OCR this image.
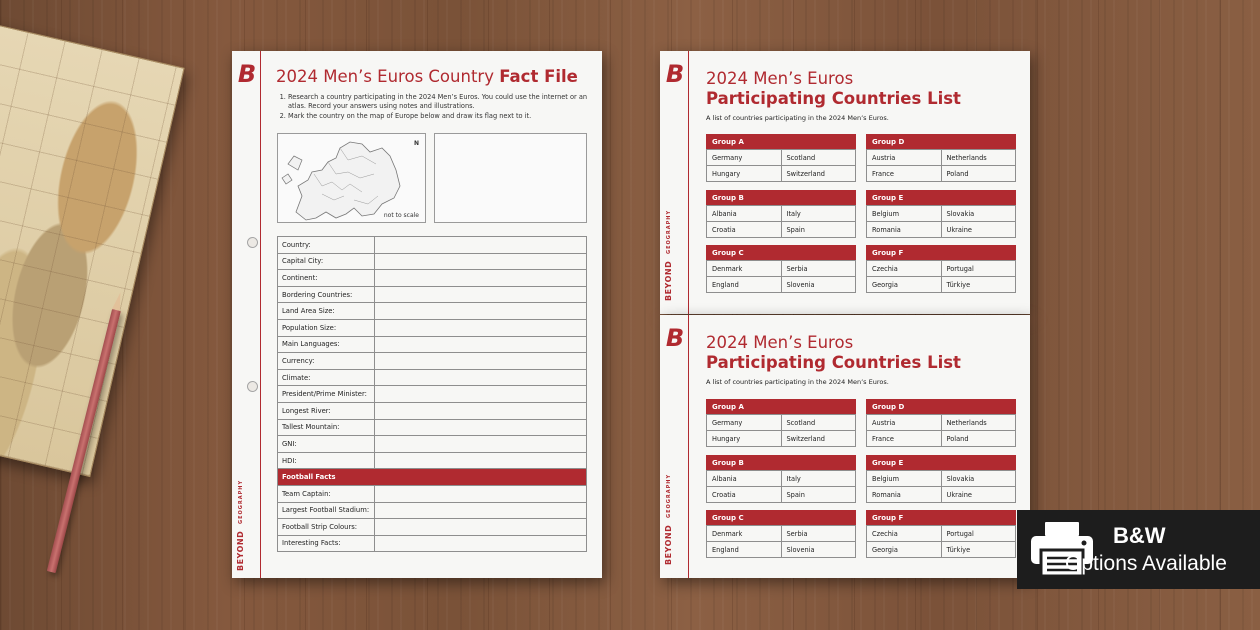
B
BEYOND GEOGRAPHY
2024 Men’s Euros Country Fact File
1. Research a country participating in the 2024 Men’s Euros. You could use the internet or an atlas. Record your answers using notes and illustrations.
2. Mark the country on the map of Europe below and draw its flag next to it.
N
not to scale
Country:	
Capital City:	
Continent:	
Bordering Countries:	
Land Area Size:	
Population Size:	
Main Languages:	
Currency:	
Climate:	
President/Prime Minister:	
Longest River:	
Tallest Mountain:	
GNI:	
HDI:	
Football Facts	
Team Captain:	
Largest Football Stadium:	
Football Strip Colours:	
Interesting Facts:	
B
BEYOND GEOGRAPHY
2024 Men’s Euros
Participating Countries List
A list of countries participating in the 2024 Men’s Euros.
Group A
Germany	Scotland
Hungary	Switzerland
Group B
Albania	Italy
Croatia	Spain
Group C
Denmark	Serbia
England	Slovenia
Group D
Austria	Netherlands
France	Poland
Group E
Belgium	Slovakia
Romania	Ukraine
Group F
Czechia	Portugal
Georgia	Türkiye
B
BEYOND GEOGRAPHY
2024 Men’s Euros
Participating Countries List
A list of countries participating in the 2024 Men’s Euros.
Group A
Germany	Scotland
Hungary	Switzerland
Group B
Albania	Italy
Croatia	Spain
Group C
Denmark	Serbia
England	Slovenia
Group D
Austria	Netherlands
France	Poland
Group E
Belgium	Slovakia
Romania	Ukraine
Group F
Czechia	Portugal
Georgia	Türkiye
B&W
Options Available
